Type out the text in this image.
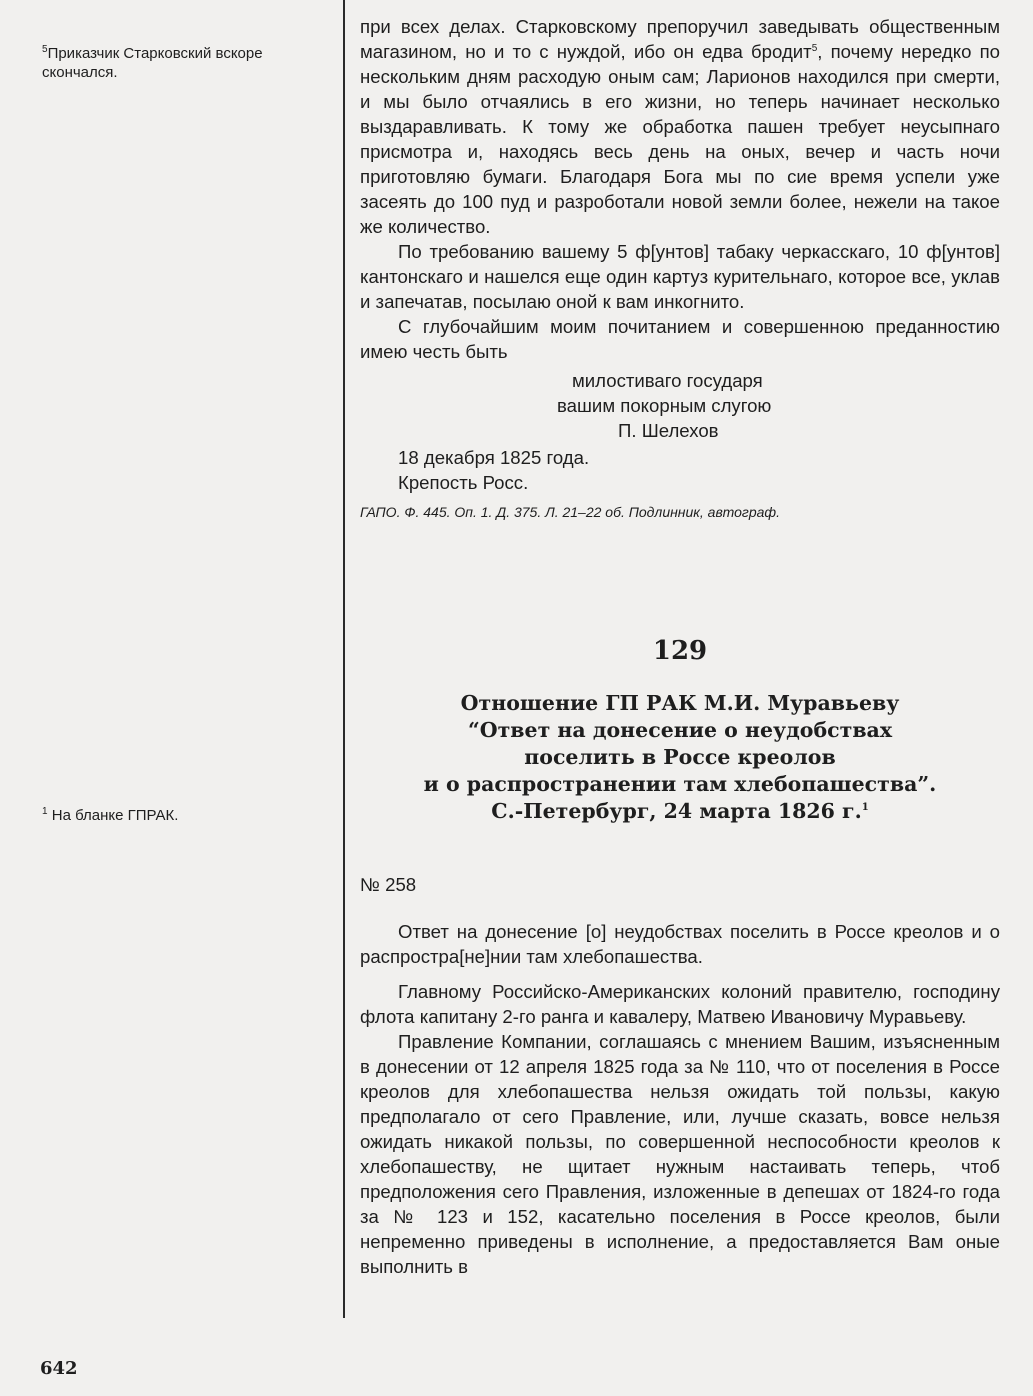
$^5$Приказчик Старковский вскоре скончался.
$^1$ На бланке ГПРАК.

при всех делах. Старковскому препоручил заведывать общественным магазином, но и то с нуждой, ибо он едва бродит$^5$, почему нередко по нескольким дням расходую оным сам; Ларионов находился при смерти, и мы было отчаялись в его жизни, но теперь начинает несколько выздаравливать. К тому же обработка пашен требует неусыпнаго присмотра и, находясь весь день на оных, вечер и часть ночи приготовляю бумаги. Благодаря Бога мы по сие время успели уже засеять до 100 пуд и разроботали новой земли более, нежели на такое же количество.

По требованию вашему 5 ф[унтов] табаку черкасскаго, 10 ф[унтов] кантонскаго и нашелся еще один картуз курительнаго, которое все, уклав и запечатав, посылаю оной к вам инкогнито.

С глубочайшим моим почитанием и совершенною преданностию имею честь быть

милостиваго государя

вашим покорным слугою

П. Шелехов

18 декабря 1825 года.

Крепость Росс.

ГАПО. Ф. 445. Оп. 1. Д. 375. Л. 21–22 об. Подлинник, автограф.

129
Отношение ГП РАК М.И. Муравьеву
“Ответ на донесение о неудобствах
поселить в Россе креолов
и о распространении там хлебопашества”.
С.-Петербург, 24 марта 1826 г.$^1$

№ 258

Ответ на донесение [о] неудобствах поселить в Россе креолов и о распростра[не]нии там хлебопашества.

Главному Российско-Американских колоний правителю, господину флота капитану 2-го ранга и кавалеру, Матвею Ивановичу Муравьеву.

Правление Компании, соглашаясь с мнением Вашим, изъясненным в донесении от 12 апреля 1825 года за № 110, что от поселения в Россе креолов для хлебопашества нельзя ожидать той пользы, какую предполагало от сего Правление, или, лучше сказать, вовсе нельзя ожидать никакой пользы, по совершенной неспособности креолов к хлебопашеству, не щитает нужным настаивать теперь, чтоб предположения сего Правления, изложенные в депешах от 1824-го года за № 123 и 152, касательно поселения в Россе креолов, были непременно приведены в исполнение, а предоставляется Вам оные выполнить в

642
